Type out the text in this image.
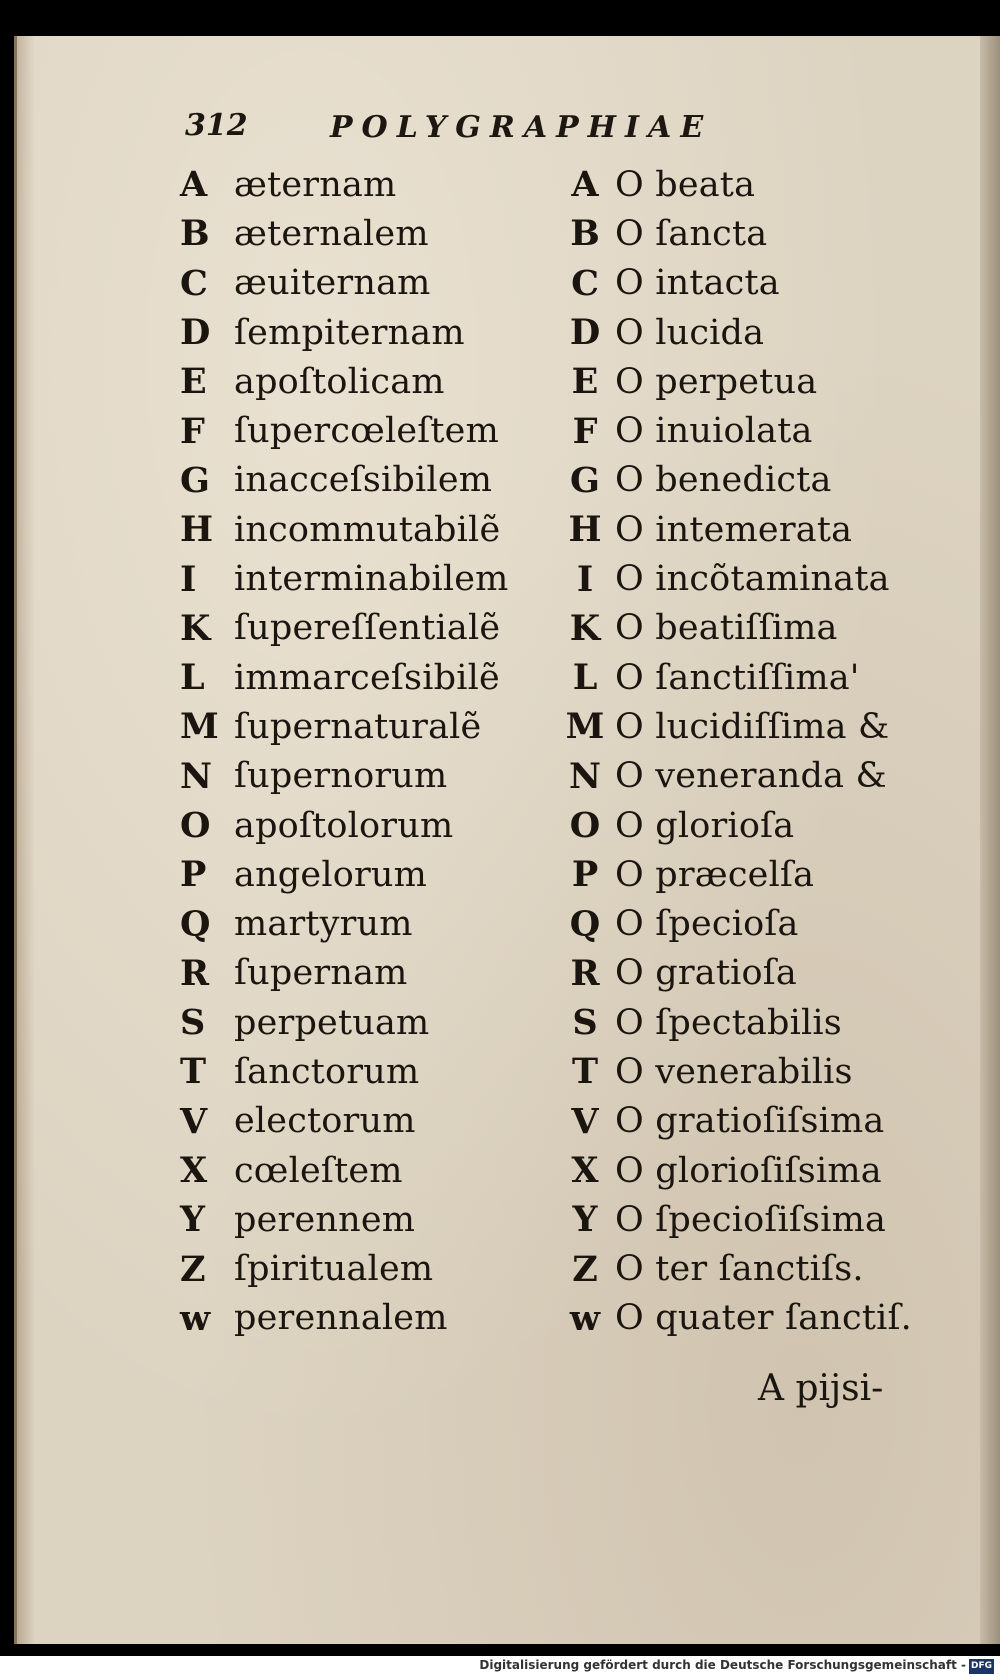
312	POLYGRAPHIAE
A æternam
B æternalem
C æuiternam
D ſempiternam
E apoſtolicam
F ſupercœleſtem
G inacceſsibilem
H incommutabilẽ
I	interminabilem
K ſupereſſentialẽ
L immarceſsibilẽ
M ſupernaturalẽ
N ſupernorum
O apoſtolorum
P angelorum
Q martyrum
R ſupernam
S perpetuam
T ſanctorum
V electorum
X cœleſtem
Y perennem
Z ſpiritualem
w perennalem
A O beata
B O ſancta
C O intacta
D O lucida
E O perpetua
F O inuiolata
G O benedicta
H O intemerata
I O incõtaminata
K O beatiſſima
L O ſanctiſſima'
M O lucidiſſima &
N O veneranda &
O O glorioſa
P O præcelſa
Q O ſpecioſa
R O gratioſa
S O ſpectabilis
T O venerabilis
V O gratioſiſsima
X O glorioſiſsima
Y O ſpecioſiſsima
Z O ter ſanctiſs.
w O quater ſanctiſ.
A pijsi-
Digitalisierung gefördert durch die Deutsche Forschungsgemeinschaft - DFG
